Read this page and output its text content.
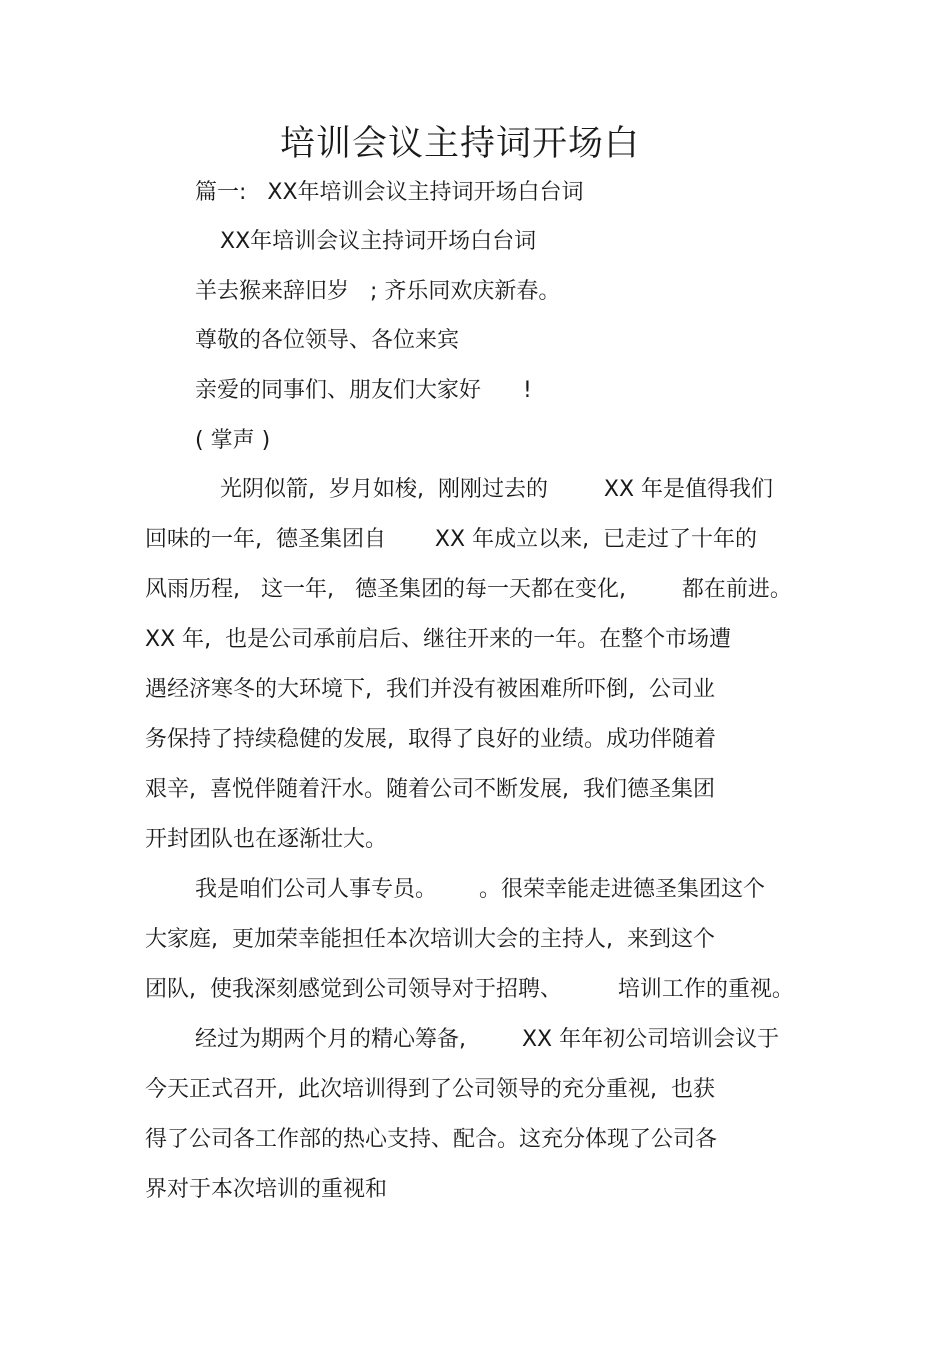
培训会议主持词开场白
篇一:   XX年培训会议主持词开场白台词
XX年培训会议主持词开场白台词
羊去猴来辞旧岁   ; 齐乐同欢庆新春。
尊敬的各位领导、各位来宾
亲爱的同事们、朋友们大家好      !
( 掌声 )
光阴似箭,  岁月如梭,  刚刚过去的        XX 年是值得我们
回味的一年,  德圣集团自       XX 年成立以来,  已走过了十年的
风雨历程,   这一年,   德圣集团的每一天都在变化,        都在前进。
XX 年,  也是公司承前启后、继往开来的一年。在整个市场遭
遇经济寒冬的大环境下,  我们并没有被困难所吓倒,  公司业
务保持了持续稳健的发展,  取得了良好的业绩。成功伴随着
艰辛,  喜悦伴随着汗水。随着公司不断发展,  我们德圣集团
开封团队也在逐渐壮大。
我是咱们公司人事专员。      。很荣幸能走进德圣集团这个
大家庭,  更加荣幸能担任本次培训大会的主持人,  来到这个
团队,  使我深刻感觉到公司领导对于招聘、        培训工作的重视。
经过为期两个月的精心筹备,        XX 年年初公司培训会议于
今天正式召开,  此次培训得到了公司领导的充分重视,  也获
得了公司各工作部的热心支持、配合。这充分体现了公司各
界对于本次培训的重视和
